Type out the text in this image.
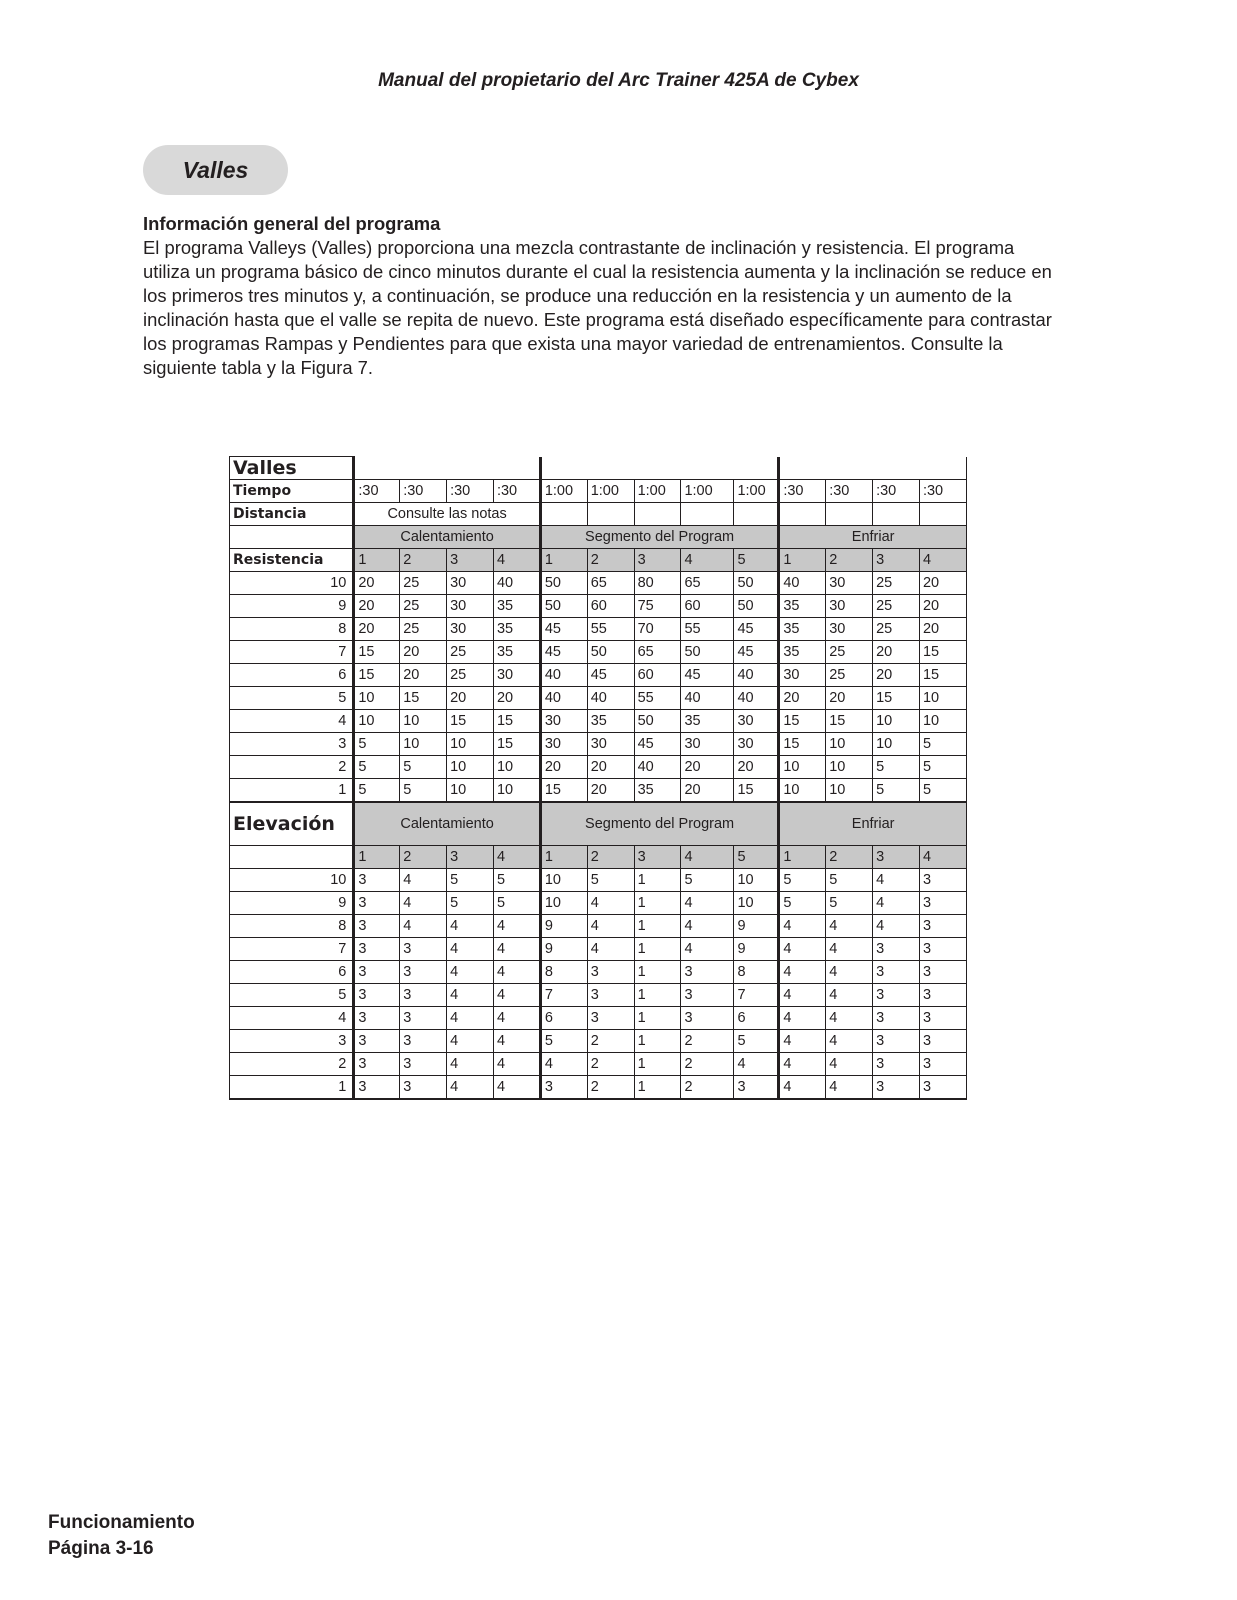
Manual del propietario del Arc Trainer 425A de Cybex
Valles
Información general del programa

El programa Valleys (Valles) proporciona una mezcla contrastante de inclinación y resistencia. El programa utiliza un programa básico de cinco minutos durante el cual la resistencia aumenta y la inclinación se reduce en los primeros tres minutos y, a continuación, se produce una reducción en la resistencia y un aumento de la inclinación hasta que el valle se repita de nuevo. Este programa está diseñado específicamente para contrastar los programas Rampas y Pendientes para que exista una mayor variedad de entrenamientos. Consulte la siguiente tabla y la Figura 7.

Valles													
Tiempo	:30	:30	:30	:30	1:00	1:00	1:00	1:00	1:00	:30	:30	:30	:30
Distancia	Consulte las notas												
	Calentamiento				Segmento del Program					Enfriar			
Resistencia	1	2	3	4	1	2	3	4	5	1	2	3	4
10	20	25	30	40	50	65	80	65	50	40	30	25	20
9	20	25	30	35	50	60	75	60	50	35	30	25	20
8	20	25	30	35	45	55	70	55	45	35	30	25	20
7	15	20	25	35	45	50	65	50	45	35	25	20	15
6	15	20	25	30	40	45	60	45	40	30	25	20	15
5	10	15	20	20	40	40	55	40	40	20	20	15	10
4	10	10	15	15	30	35	50	35	30	15	15	10	10
3	5	10	10	15	30	30	45	30	30	15	10	10	5
2	5	5	10	10	20	20	40	20	20	10	10	5	5
1	5	5	10	10	15	20	35	20	15	10	10	5	5
Elevación	Calentamiento				Segmento del Program					Enfriar			
	1	2	3	4	1	2	3	4	5	1	2	3	4
10	3	4	5	5	10	5	1	5	10	5	5	4	3
9	3	4	5	5	10	4	1	4	10	5	5	4	3
8	3	4	4	4	9	4	1	4	9	4	4	4	3
7	3	3	4	4	9	4	1	4	9	4	4	3	3
6	3	3	4	4	8	3	1	3	8	4	4	3	3
5	3	3	4	4	7	3	1	3	7	4	4	3	3
4	3	3	4	4	6	3	1	3	6	4	4	3	3
3	3	3	4	4	5	2	1	2	5	4	4	3	3
2	3	3	4	4	4	2	1	2	4	4	4	3	3
1	3	3	4	4	3	2	1	2	3	4	4	3	3
Funcionamiento
Página 3-16
